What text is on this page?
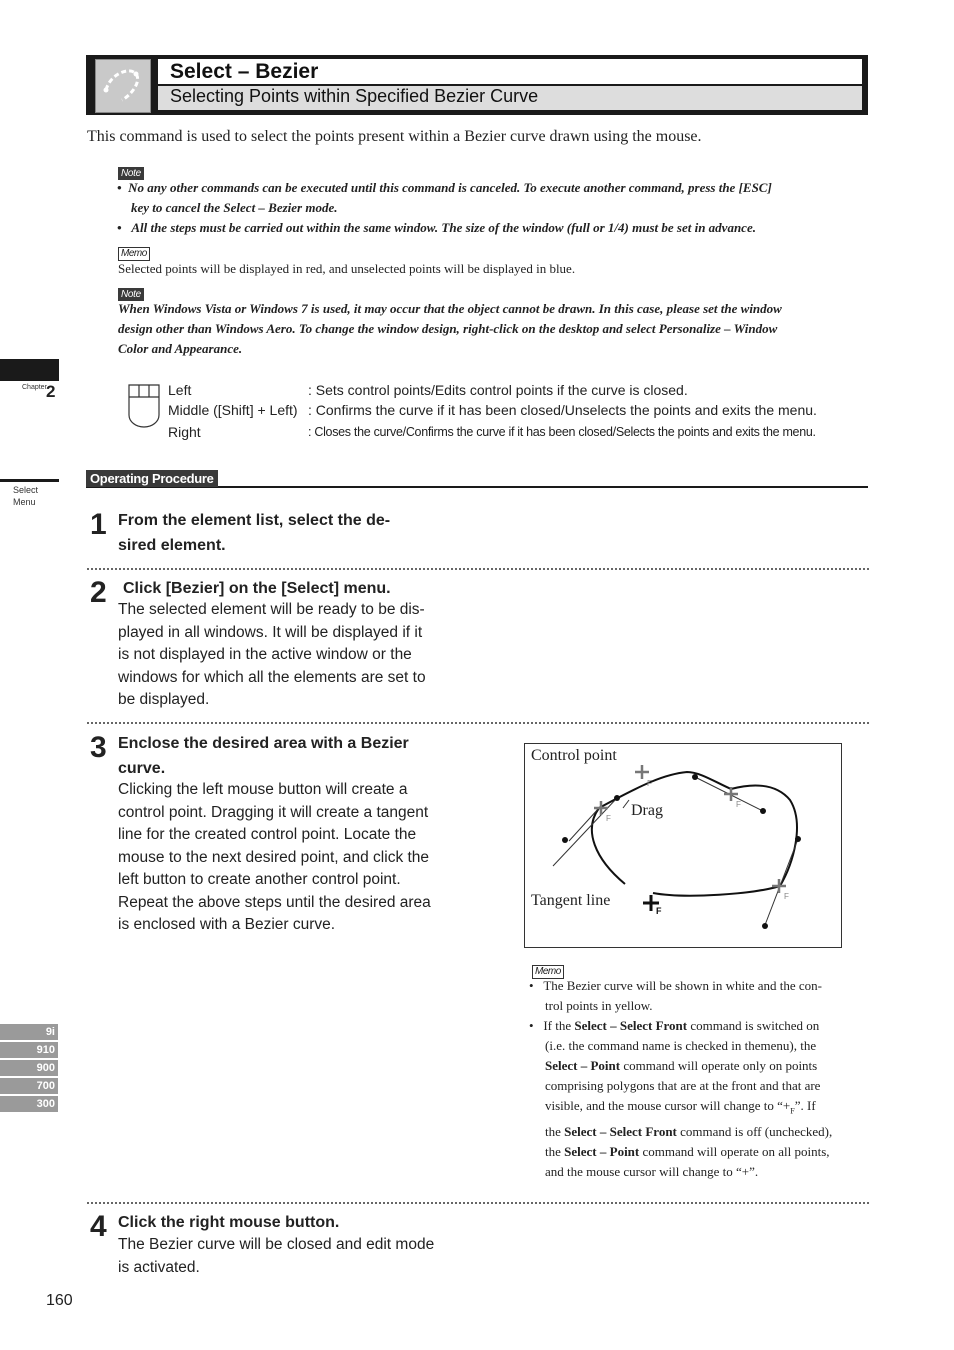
Select – Bezier
Selecting Points within Specified Bezier Curve
This command is used to select the points present within a Bezier curve drawn using the mouse.
Note
•  No any other commands can be executed until this command is canceled. To execute another command, press the [ESC]
key to cancel the Select – Bezier mode.
•   All the steps must be carried out within the same window. The size of the window (full or 1/4) must be set in advance.
Memo
Selected points will be displayed in red, and unselected points will be displayed in blue.
Note
When Windows Vista or Windows 7 is used, it may occur that the object cannot be drawn. In this case, please set the window
design other than Windows Aero. To change the window design, right-click on the desktop and select Personalize – Window
Color and Appearance.
Chapter 2
Select
Menu
9i
910
900
700
300
Left	: Sets control points/Edits control points if the curve is closed.
Middle ([Shift] + Left) : Confirms the curve if it has been closed/Unselects the points and exits the menu.
Right	: Closes the curve/Confirms the curve if it has been closed/Selects the points and exits the menu.
Operating Procedure
1 From the element list, select the de-
sired element.
2 Click [Bezier] on the [Select] menu.
The selected element will be ready to be dis-
played in all windows. It will be displayed if it
is not displayed in the active window or the
windows for which all the elements are set to
be displayed.
3 Enclose the desired area with a Bezier
curve.
Clicking the left mouse button will create a
control point. Dragging it will create a tangent
line for the created control point. Locate the
mouse to the next desired point, and click the
left button to create another control point.
Repeat the above steps until the desired area
is enclosed with a Bezier curve.
F
F
F
F
F
Control point
Drag
Tangent line
Memo
•   The Bezier curve will be shown in white and the con-
trol points in yellow.
•   If the Select – Select Front command is switched on
(i.e. the command name is checked in themenu), the
Select – Point command will operate only on points
comprising polygons that are at the front and that are
visible, and the mouse cursor will change to “$+_F$”. If
the Select – Select Front command is off (unchecked),
the Select – Point command will operate on all points,
and the mouse cursor will change to “+”.
4 Click the right mouse button.
The Bezier curve will be closed and edit mode
is activated.
160
